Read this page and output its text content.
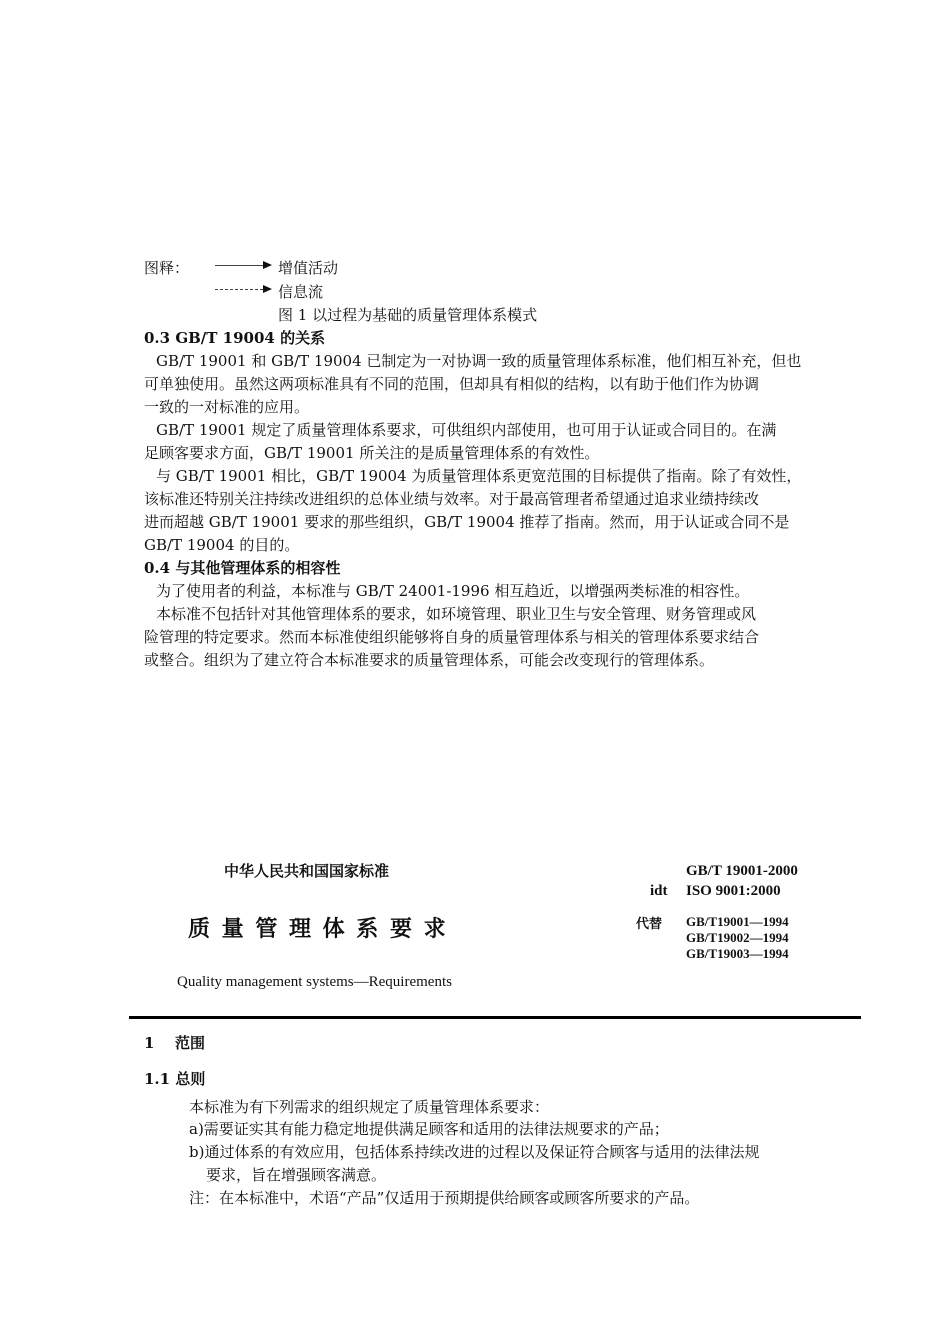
图释：	增值活动
信息流
图 1 以过程为基础的质量管理体系模式
0.3 GB/T 19004 的关系
GB/T 19001 和 GB/T 19004 已制定为一对协调一致的质量管理体系标准，他们相互补充，但也
可单独使用。虽然这两项标准具有不同的范围，但却具有相似的结构，以有助于他们作为协调
一致的一对标准的应用。
GB/T 19001 规定了质量管理体系要求，可供组织内部使用，也可用于认证或合同目的。在满
足顾客要求方面，GB/T 19001 所关注的是质量管理体系的有效性。
与 GB/T 19001 相比，GB/T 19004 为质量管理体系更宽范围的目标提供了指南。除了有效性，
该标准还特别关注持续改进组织的总体业绩与效率。对于最高管理者希望通过追求业绩持续改
进而超越 GB/T 19001 要求的那些组织，GB/T 19004 推荐了指南。然而，用于认证或合同不是
GB/T 19004 的目的。
0.4 与其他管理体系的相容性
为了使用者的利益，本标准与 GB/T 24001-1996 相互趋近，以增强两类标准的相容性。
本标准不包括针对其他管理体系的要求，如环境管理、职业卫生与安全管理、财务管理或风
险管理的特定要求。然而本标准使组织能够将自身的质量管理体系与相关的管理体系要求结合
或整合。组织为了建立符合本标准要求的质量管理体系，可能会改变现行的管理体系。
中华人民共和国国家标准	GB/T 19001-2000
idt ISO 9001:2000
质 量 管 理 体 系 要 求	代替 GB/T19001—1994
GB/T19002—1994
GB/T19003—1994
Quality management systems—Requirements
1 范围
1.1 总则
本标准为有下列需求的组织规定了质量管理体系要求：
a)需要证实其有能力稳定地提供满足顾客和适用的法律法规要求的产品；
b)通过体系的有效应用，包括体系持续改进的过程以及保证符合顾客与适用的法律法规
要求，旨在增强顾客满意。
注：在本标准中，术语“产品”仅适用于预期提供给顾客或顾客所要求的产品。
